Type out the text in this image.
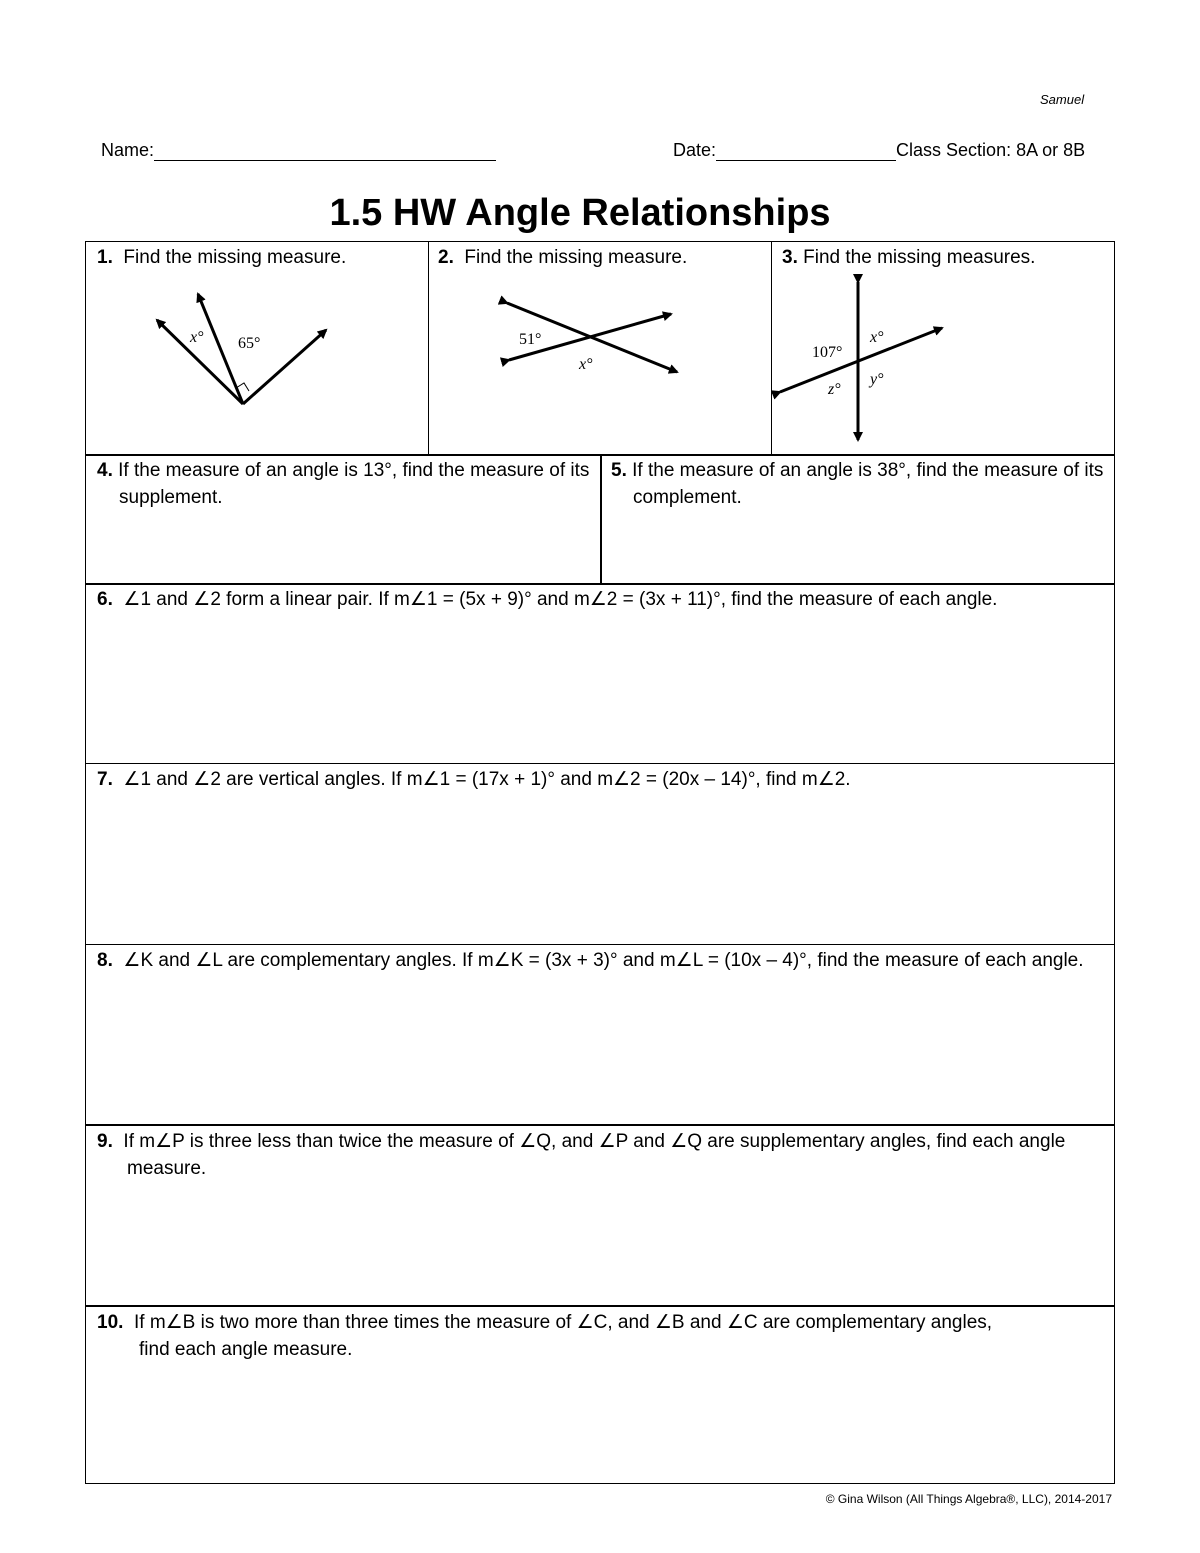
Samuel
Name:	Date:	Class Section: 8A or 8B
1.5 HW Angle Relationships
1. Find the missing measure.
x° 65°
2. Find the missing measure.
51°
x°
3. Find the missing measures.
107°
x°
y°
z°
4. If the measure of an angle is 13°, find the measure of its supplement.
5. If the measure of an angle is 38°, find the measure of its complement.
6. ∠1 and ∠2 form a linear pair. If m∠1 = (5x + 9)° and m∠2 = (3x + 11)°, find the measure of each angle.
7. ∠1 and ∠2 are vertical angles. If m∠1 = (17x + 1)° and m∠2 = (20x – 14)°, find m∠2.
8. ∠K and ∠L are complementary angles. If m∠K = (3x + 3)° and m∠L = (10x – 4)°, find the measure of each angle.
9. If m∠P is three less than twice the measure of ∠Q, and ∠P and ∠Q are supplementary angles, find each angle measure.
10. If m∠B is two more than three times the measure of ∠C, and ∠B and ∠C are complementary angles, find each angle measure.
© Gina Wilson (All Things Algebra®, LLC), 2014-2017
